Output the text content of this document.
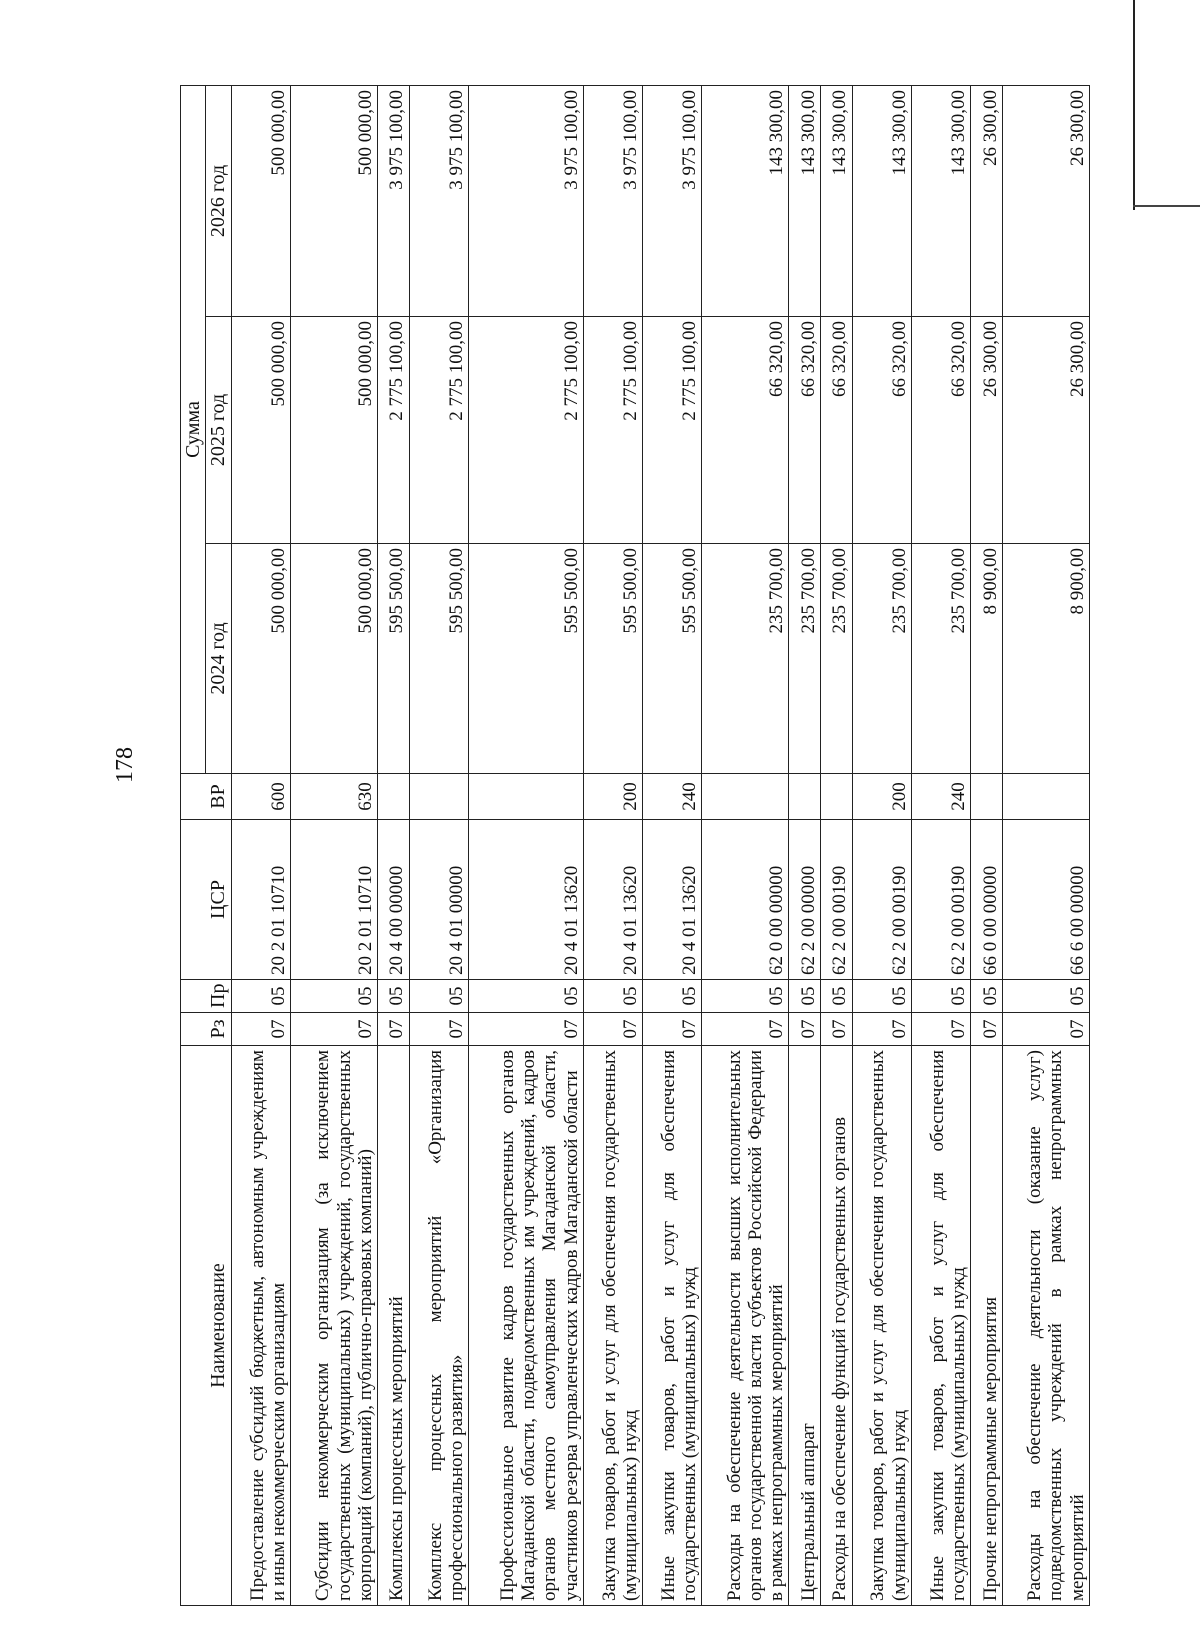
178
Наименование	Рз	Пр	ЦСР	ВР	Сумма		
					2024 год	2025 год	2026 год
Предоставление субсидий бюджетным, автономным учреждениям и иным некоммерческим организациям	07	05	20 2 01 10710	600	500 000,00	500 000,00	500 000,00
Субсидии некоммерческим организациям (за исключением государственных (муниципальных) учреждений, государственных корпораций (компаний), публично-правовых компаний)	07	05	20 2 01 10710	630	500 000,00	500 000,00	500 000,00
Комплексы процессных мероприятий	07	05	20 4 00 00000		595 500,00	2 775 100,00	3 975 100,00
Комплекс процессных мероприятий «Организация профессионального развития»	07	05	20 4 01 00000		595 500,00	2 775 100,00	3 975 100,00
Профессиональное развитие кадров государственных органов Магаданской области, подведомственных им учреждений, кадров органов местного самоуправления Магаданской области, участников резерва управленческих кадров Магаданской области	07	05	20 4 01 13620		595 500,00	2 775 100,00	3 975 100,00
Закупка товаров, работ и услуг для обеспечения государственных (муниципальных) нужд	07	05	20 4 01 13620	200	595 500,00	2 775 100,00	3 975 100,00
Иные закупки товаров, работ и услуг для обеспечения государственных (муниципальных) нужд	07	05	20 4 01 13620	240	595 500,00	2 775 100,00	3 975 100,00
Расходы на обеспечение деятельности высших исполнительных органов государственной власти субъектов Российской Федерации в рамках непрограммных мероприятий	07	05	62 0 00 00000		235 700,00	66 320,00	143 300,00
Центральный аппарат	07	05	62 2 00 00000		235 700,00	66 320,00	143 300,00
Расходы на обеспечение функций государственных органов	07	05	62 2 00 00190		235 700,00	66 320,00	143 300,00
Закупка товаров, работ и услуг для обеспечения государственных (муниципальных) нужд	07	05	62 2 00 00190	200	235 700,00	66 320,00	143 300,00
Иные закупки товаров, работ и услуг для обеспечения государственных (муниципальных) нужд	07	05	62 2 00 00190	240	235 700,00	66 320,00	143 300,00
Прочие непрограммные мероприятия	07	05	66 0 00 00000		8 900,00	26 300,00	26 300,00
Расходы на обеспечение деятельности (оказание услуг) подведомственных учреждений в рамках непрограммных мероприятий	07	05	66 6 00 00000		8 900,00	26 300,00	26 300,00
